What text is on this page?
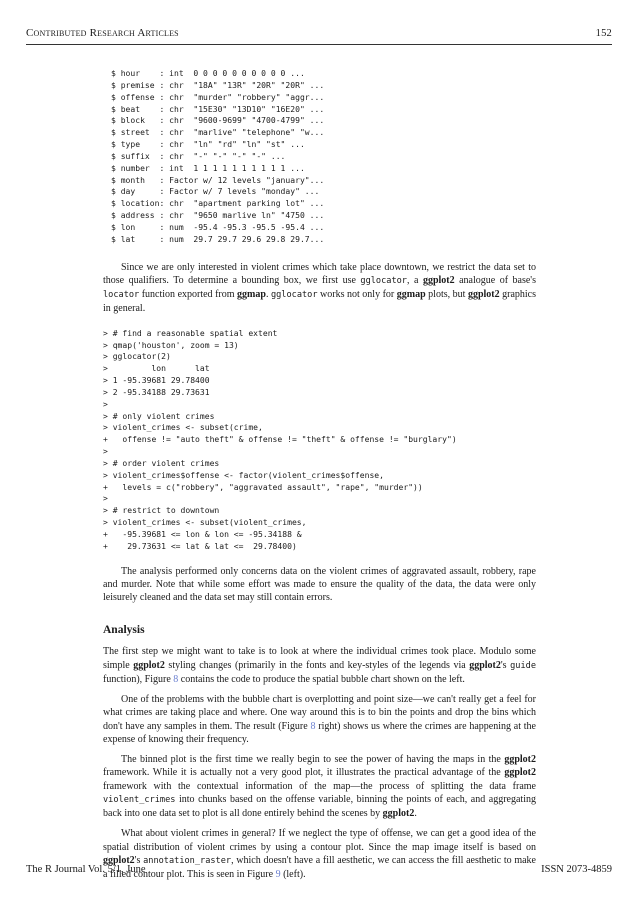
Contributed Research Articles	152
$ hour    : int  0 0 0 0 0 0 0 0 0 0 ...
$ premise : chr  "18A" "13R" "20R" "20R" ...
$ offense : chr  "murder" "robbery" "aggr...
$ beat    : chr  "15E30" "13D10" "16E20" ...
$ block   : chr  "9600-9699" "4700-4799" ...
$ street  : chr  "marlive" "telephone" "w...
$ type    : chr  "ln" "rd" "ln" "st" ...
$ suffix  : chr  "-" "-" "-" "-" ...
$ number  : int  1 1 1 1 1 1 1 1 1 1 ...
$ month   : Factor w/ 12 levels "january"...
$ day     : Factor w/ 7 levels "monday" ...
$ location: chr  "apartment parking lot" ...
$ address : chr  "9650 marlive ln" "4750 ...
$ lon     : num  -95.4 -95.3 -95.5 -95.4 ...
$ lat     : num  29.7 29.7 29.6 29.8 29.7...

Since we are only interested in violent crimes which take place downtown, we restrict the data set to those qualifiers. To determine a bounding box, we first use gglocator, a ggplot2 analogue of base's locator function exported from ggmap. gglocator works not only for ggmap plots, but ggplot2 graphics in general.

> # find a reasonable spatial extent
> qmap('houston', zoom = 13)
> gglocator(2)
>         lon      lat
> 1 -95.39681 29.78400
> 2 -95.34188 29.73631
>
> # only violent crimes
> violent_crimes <- subset(crime,
+   offense != "auto theft" & offense != "theft" & offense != "burglary")
>
> # order violent crimes
> violent_crimes$offense <- factor(violent_crimes$offense,
+   levels = c("robbery", "aggravated assault", "rape", "murder"))
>
> # restrict to downtown
> violent_crimes <- subset(violent_crimes,
+   -95.39681 <= lon & lon <= -95.34188 &
+    29.73631 <= lat & lat <=  29.78400)

The analysis performed only concerns data on the violent crimes of aggravated assault, robbery, rape and murder. Note that while some effort was made to ensure the quality of the data, the data were only leisurely cleaned and the data set may still contain errors.

Analysis

The first step we might want to take is to look at where the individual crimes took place. Modulo some simple ggplot2 styling changes (primarily in the fonts and key-styles of the legends via ggplot2's guide function), Figure 8 contains the code to produce the spatial bubble chart shown on the left.

One of the problems with the bubble chart is overplotting and point size—we can't really get a feel for what crimes are taking place and where. One way around this is to bin the points and drop the bins which don't have any samples in them. The result (Figure 8 right) shows us where the crimes are happening at the expense of knowing their frequency.

The binned plot is the first time we really begin to see the power of having the maps in the ggplot2 framework. While it is actually not a very good plot, it illustrates the practical advantage of the ggplot2 framework with the contextual information of the map—the process of splitting the data frame violent_crimes into chunks based on the offense variable, binning the points of each, and aggregating back into one data set to plot is all done entirely behind the scenes by ggplot2.

What about violent crimes in general? If we neglect the type of offense, we can get a good idea of the spatial distribution of violent crimes by using a contour plot. Since the map image itself is based on ggplot2's annotation_raster, which doesn't have a fill aesthetic, we can access the fill aesthetic to make a filled contour plot. This is seen in Figure 9 (left).

The R Journal Vol. 5/1, June	ISSN 2073-4859
